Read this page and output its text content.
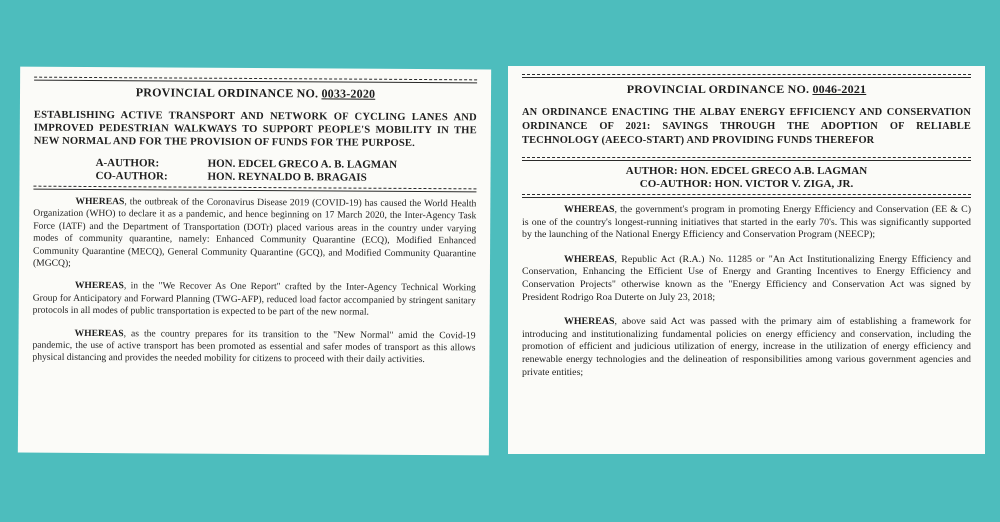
PROVINCIAL ORDINANCE NO. 0033-2020
ESTABLISHING ACTIVE TRANSPORT AND NETWORK OF CYCLING LANES AND IMPROVED PEDESTRIAN WALKWAYS TO SUPPORT PEOPLE'S MOBILITY IN THE NEW NORMAL AND FOR THE PROVISION OF FUNDS FOR THE PURPOSE.
A-AUTHOR:	HON. EDCEL GRECO A. B. LAGMAN
CO-AUTHOR:	HON. REYNALDO B. BRAGAIS

WHEREAS, the outbreak of the Coronavirus Disease 2019 (COVID-19) has caused the World Health Organization (WHO) to declare it as a pandemic, and hence beginning on 17 March 2020, the Inter-Agency Task Force (IATF) and the Department of Transportation (DOTr) placed various areas in the country under varying modes of community quarantine, namely: Enhanced Community Quarantine (ECQ), Modified Enhanced Community Quarantine (MECQ), General Community Quarantine (GCQ), and Modified Community Quarantine (MGCQ);

WHEREAS, in the "We Recover As One Report" crafted by the Inter-Agency Technical Working Group for Anticipatory and Forward Planning (TWG-AFP), reduced load factor accompanied by stringent sanitary protocols in all modes of public transportation is expected to be part of the new normal.

WHEREAS, as the country prepares for its transition to the "New Normal" amid the Covid-19 pandemic, the use of active transport has been promoted as essential and safer modes of transport as this allows physical distancing and provides the needed mobility for citizens to proceed with their daily activities.

PROVINCIAL ORDINANCE NO. 0046-2021
AN ORDINANCE ENACTING THE ALBAY ENERGY EFFICIENCY AND CONSERVATION ORDINANCE OF 2021: SAVINGS THROUGH THE ADOPTION OF RELIABLE TECHNOLOGY (AEECO-START) AND PROVIDING FUNDS THEREFOR
AUTHOR: HON. EDCEL GRECO A.B. LAGMAN
CO-AUTHOR: HON. VICTOR V. ZIGA, JR.

WHEREAS, the government's program in promoting Energy Efficiency and Conservation (EE & C) is one of the country's longest-running initiatives that started in the early 70's. This was significantly supported by the launching of the National Energy Efficiency and Conservation Program (NEECP);

WHEREAS, Republic Act (R.A.) No. 11285 or "An Act Institutionalizing Energy Efficiency and Conservation, Enhancing the Efficient Use of Energy and Granting Incentives to Energy Efficiency and Conservation Projects" otherwise known as the "Energy Efficiency and Conservation Act was signed by President Rodrigo Roa Duterte on July 23, 2018;

WHEREAS, above said Act was passed with the primary aim of establishing a framework for introducing and institutionalizing fundamental policies on energy efficiency and conservation, including the promotion of efficient and judicious utilization of energy, increase in the utilization of energy efficiency and renewable energy technologies and the delineation of responsibilities among various government agencies and private entities;
